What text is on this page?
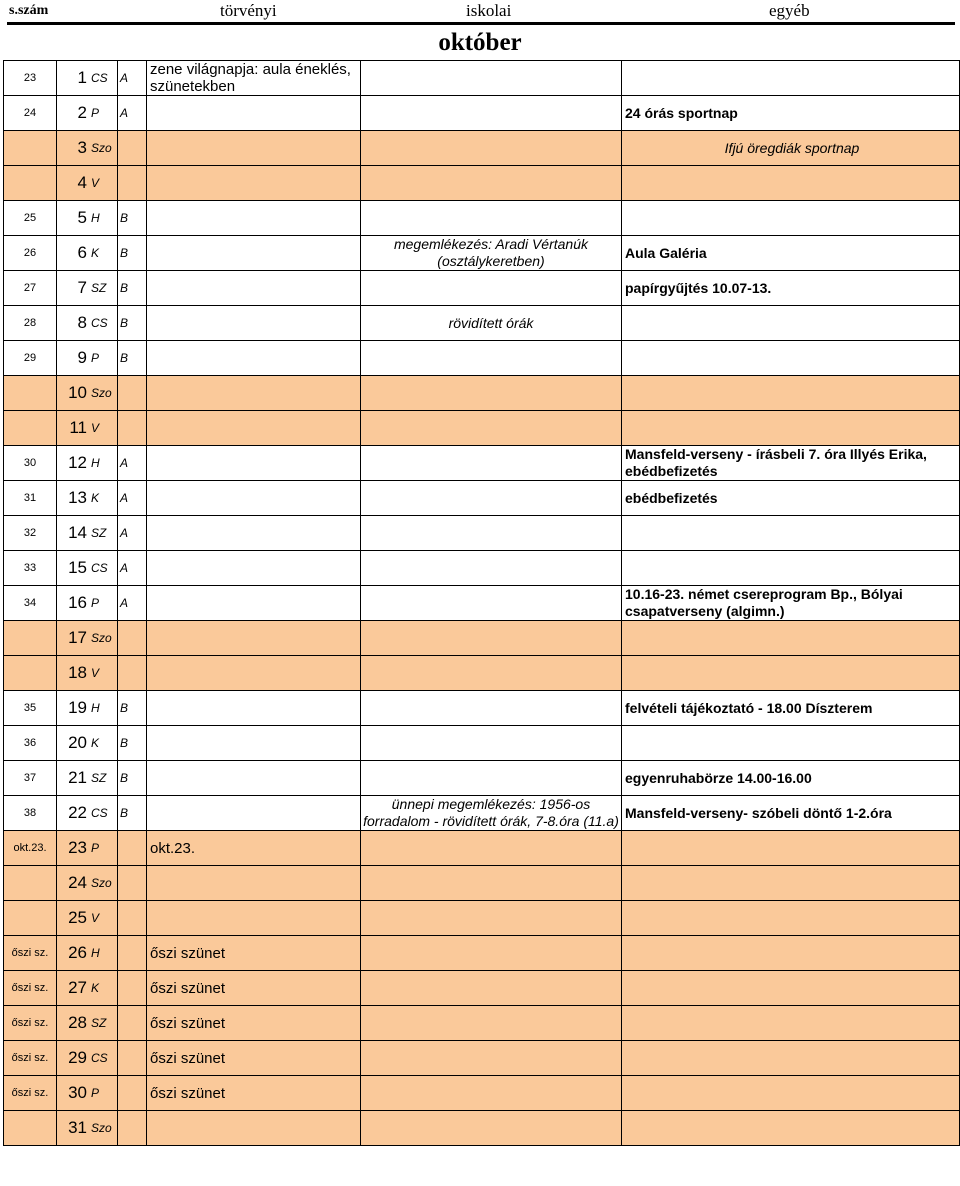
s.szám	törvényi	iskolai	egyéb
október
23	1	CS	A	zene világnapja: aula éneklés, szünetekben		
24	2	P	A			24 órás sportnap
	3	Szo				Ifjú öregdiák sportnap
	4	V				
25	5	H	B			
26	6	K	B		megemlékezés: Aradi Vértanúk (osztálykeretben)	Aula Galéria
27	7	SZ	B			papírgyűjtés 10.07-13.
28	8	CS	B		rövidített órák	
29	9	P	B			
	10	Szo				
	11	V				
30	12	H	A			Mansfeld-verseny - írásbeli 7. óra Illyés Erika, ebédbefizetés
31	13	K	A			ebédbefizetés
32	14	SZ	A			
33	15	CS	A			
34	16	P	A			10.16-23. német csereprogram Bp., Bólyai csapatverseny (algimn.)
	17	Szo				
	18	V				
35	19	H	B			felvételi tájékoztató - 18.00 Díszterem
36	20	K	B			
37	21	SZ	B			egyenruhabörze 14.00-16.00
38	22	CS	B		ünnepi megemlékezés: 1956-os forradalom - rövidített órák, 7-8.óra (11.a)	Mansfeld-verseny- szóbeli döntő 1-2.óra
okt.23.	23	P		okt.23.		
	24	Szo				
	25	V				
őszi sz.	26	H		őszi szünet		
őszi sz.	27	K		őszi szünet		
őszi sz.	28	SZ		őszi szünet		
őszi sz.	29	CS		őszi szünet		
őszi sz.	30	P		őszi szünet		
	31	Szo				
